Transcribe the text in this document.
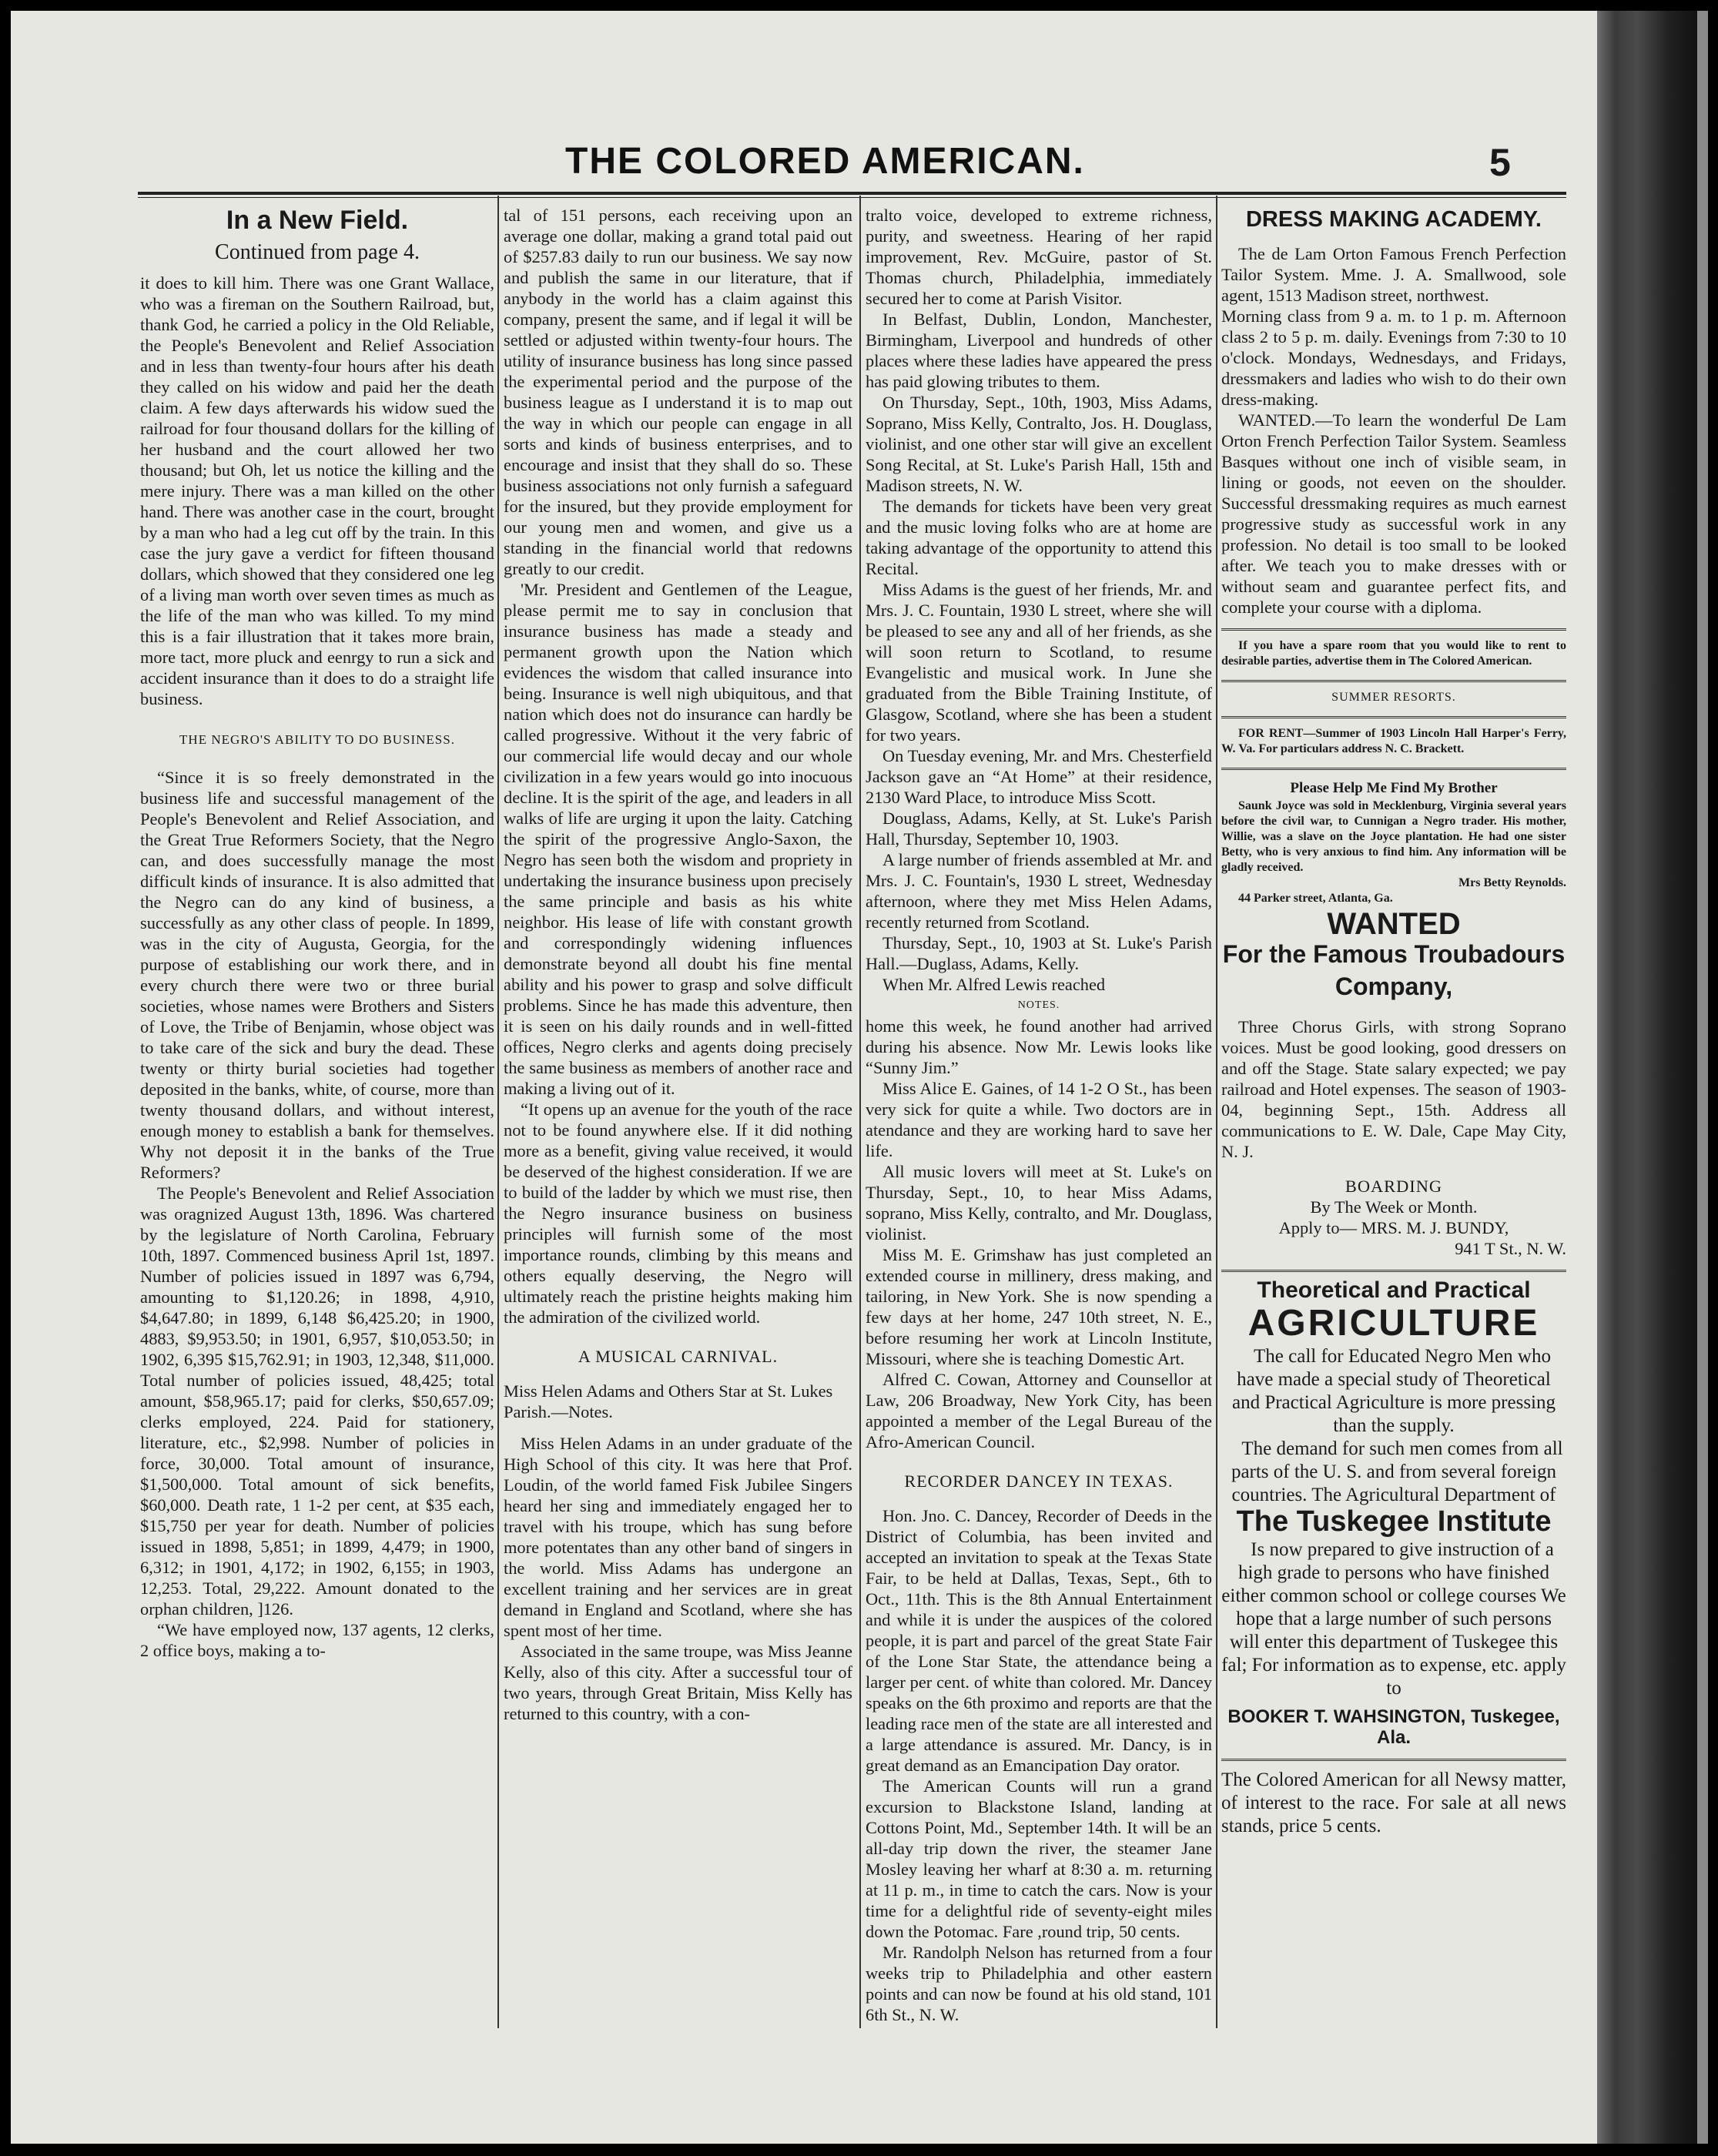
THE COLORED AMERICAN.	5
In a New Field.
Continued from page 4.

it does to kill him. There was one Grant Wallace, who was a fireman on the Southern Railroad, but, thank God, he carried a policy in the Old Reliable, the People's Benevolent and Relief Association and in less than twenty-four hours after his death they called on his widow and paid her the death claim. A few days afterwards his widow sued the railroad for four thousand dollars for the killing of her husband and the court allowed her two thousand; but Oh, let us notice the killing and the mere injury. There was a man killed on the other hand. There was another case in the court, brought by a man who had a leg cut off by the train. In this case the jury gave a verdict for fifteen thousand dollars, which showed that they considered one leg of a living man worth over seven times as much as the life of the man who was killed. To my mind this is a fair illustration that it takes more brain, more tact, more pluck and eenrgy to run a sick and accident insurance than it does to do a straight life business.

THE NEGRO'S ABILITY TO DO BUSINESS.

“Since it is so freely demonstrated in the business life and successful management of the People's Benevolent and Relief Association, and the Great True Reformers Society, that the Negro can, and does successfully manage the most difficult kinds of insurance. It is also admitted that the Negro can do any kind of business, a successfully as any other class of people. In 1899, was in the city of Augusta, Georgia, for the purpose of establishing our work there, and in every church there were two or three burial societies, whose names were Brothers and Sisters of Love, the Tribe of Benjamin, whose object was to take care of the sick and bury the dead. These twenty or thirty burial societies had together deposited in the banks, white, of course, more than twenty thousand dollars, and without interest, enough money to establish a bank for themselves. Why not deposit it in the banks of the True Reformers?

The People's Benevolent and Relief Association was oragnized August 13th, 1896. Was chartered by the legislature of North Carolina, February 10th, 1897. Commenced business April 1st, 1897. Number of policies issued in 1897 was 6,794, amounting to $1,120.26; in 1898, 4,910, $4,647.80; in 1899, 6,148 $6,425.20; in 1900, 4883, $9,953.50; in 1901, 6,957, $10,053.50; in 1902, 6,395 $15,762.91; in 1903, 12,348, $11,000. Total number of policies issued, 48,425; total amount, $58,965.17; paid for clerks, $50,657.09; clerks employed, 224. Paid for stationery, literature, etc., $2,998. Number of policies in force, 30,000. Total amount of insurance, $1,500,000. Total amount of sick benefits, $60,000. Death rate, 1 1-2 per cent, at $35 each, $15,750 per year for death. Number of policies issued in 1898, 5,851; in 1899, 4,479; in 1900, 6,312; in 1901, 4,172; in 1902, 6,155; in 1903, 12,253. Total, 29,222. Amount donated to the orphan children, ]126.

“We have employed now, 137 agents, 12 clerks, 2 office boys, making a to-

tal of 151 persons, each receiving upon an average one dollar, making a grand total paid out of $257.83 daily to run our business. We say now and publish the same in our literature, that if anybody in the world has a claim against this company, present the same, and if legal it will be settled or adjusted within twenty-four hours. The utility of insurance business has long since passed the experimental period and the purpose of the business league as I understand it is to map out the way in which our people can engage in all sorts and kinds of business enterprises, and to encourage and insist that they shall do so. These business associations not only furnish a safeguard for the insured, but they provide employment for our young men and women, and give us a standing in the financial world that redowns greatly to our credit.

'Mr. President and Gentlemen of the League, please permit me to say in conclusion that insurance business has made a steady and permanent growth upon the Nation which evidences the wisdom that called insurance into being. Insurance is well nigh ubiquitous, and that nation which does not do insurance can hardly be called progressive. Without it the very fabric of our commercial life would decay and our whole civilization in a few years would go into inocuous decline. It is the spirit of the age, and leaders in all walks of life are urging it upon the laity. Catching the spirit of the progressive Anglo-Saxon, the Negro has seen both the wisdom and propriety in undertaking the insurance business upon precisely the same principle and basis as his white neighbor. His lease of life with constant growth and correspondingly widening influences demonstrate beyond all doubt his fine mental ability and his power to grasp and solve difficult problems. Since he has made this adventure, then it is seen on his daily rounds and in well-fitted offices, Negro clerks and agents doing precisely the same business as members of another race and making a living out of it.

“It opens up an avenue for the youth of the race not to be found anywhere else. If it did nothing more as a benefit, giving value received, it would be deserved of the highest consideration. If we are to build of the ladder by which we must rise, then the Negro insurance business on business principles will furnish some of the most importance rounds, climbing by this means and others equally deserving, the Negro will ultimately reach the pristine heights making him the admiration of the civilized world.

A MUSICAL CARNIVAL.

Miss Helen Adams and Others Star at St. Lukes Parish.—Notes.

Miss Helen Adams in an under graduate of the High School of this city. It was here that Prof. Loudin, of the world famed Fisk Jubilee Singers heard her sing and immediately engaged her to travel with his troupe, which has sung before more potentates than any other band of singers in the world. Miss Adams has undergone an excellent training and her services are in great demand in England and Scotland, where she has spent most of her time.

Associated in the same troupe, was Miss Jeanne Kelly, also of this city. After a successful tour of two years, through Great Britain, Miss Kelly has returned to this country, with a con-

tralto voice, developed to extreme richness, purity, and sweetness. Hearing of her rapid improvement, Rev. McGuire, pastor of St. Thomas church, Philadelphia, immediately secured her to come at Parish Visitor.

In Belfast, Dublin, London, Manchester, Birmingham, Liverpool and hundreds of other places where these ladies have appeared the press has paid glowing tributes to them.

On Thursday, Sept., 10th, 1903, Miss Adams, Soprano, Miss Kelly, Contralto, Jos. H. Douglass, violinist, and one other star will give an excellent Song Recital, at St. Luke's Parish Hall, 15th and Madison streets, N. W.

The demands for tickets have been very great and the music loving folks who are at home are taking advantage of the opportunity to attend this Recital.

Miss Adams is the guest of her friends, Mr. and Mrs. J. C. Fountain, 1930 L street, where she will be pleased to see any and all of her friends, as she will soon return to Scotland, to resume Evangelistic and musical work. In June she graduated from the Bible Training Institute, of Glasgow, Scotland, where she has been a student for two years.

On Tuesday evening, Mr. and Mrs. Chesterfield Jackson gave an “At Home” at their residence, 2130 Ward Place, to introduce Miss Scott.

Douglass, Adams, Kelly, at St. Luke's Parish Hall, Thursday, September 10, 1903.

A large number of friends assembled at Mr. and Mrs. J. C. Fountain's, 1930 L street, Wednesday afternoon, where they met Miss Helen Adams, recently returned from Scotland.

Thursday, Sept., 10, 1903 at St. Luke's Parish Hall.—Duglass, Adams, Kelly.

When Mr. Alfred Lewis reached

NOTES.

home this week, he found another had arrived during his absence. Now Mr. Lewis looks like “Sunny Jim.”

Miss Alice E. Gaines, of 14 1-2 O St., has been very sick for quite a while. Two doctors are in atendance and they are working hard to save her life.

All music lovers will meet at St. Luke's on Thursday, Sept., 10, to hear Miss Adams, soprano, Miss Kelly, contralto, and Mr. Douglass, violinist.

Miss M. E. Grimshaw has just completed an extended course in millinery, dress making, and tailoring, in New York. She is now spending a few days at her home, 247 10th street, N. E., before resuming her work at Lincoln Institute, Missouri, where she is teaching Domestic Art.

Alfred C. Cowan, Attorney and Counsellor at Law, 206 Broadway, New York City, has been appointed a member of the Legal Bureau of the Afro-American Council.

RECORDER DANCEY IN TEXAS.

Hon. Jno. C. Dancey, Recorder of Deeds in the District of Columbia, has been invited and accepted an invitation to speak at the Texas State Fair, to be held at Dallas, Texas, Sept., 6th to Oct., 11th. This is the 8th Annual Entertainment and while it is under the auspices of the colored people, it is part and parcel of the great State Fair of the Lone Star State, the attendance being a larger per cent. of white than colored. Mr. Dancey speaks on the 6th proximo and reports are that the leading race men of the state are all interested and a large attendance is assured. Mr. Dancy, is in great demand as an Emancipation Day orator.

The American Counts will run a grand excursion to Blackstone Island, landing at Cottons Point, Md., September 14th. It will be an all-day trip down the river, the steamer Jane Mosley leaving her wharf at 8:30 a. m. returning at 11 p. m., in time to catch the cars. Now is your time for a delightful ride of seventy-eight miles down the Potomac. Fare ,round trip, 50 cents.

Mr. Randolph Nelson has returned from a four weeks trip to Philadelphia and other eastern points and can now be found at his old stand, 101 6th St., N. W.

DRESS MAKING ACADEMY.

The de Lam Orton Famous French Perfection Tailor System. Mme. J. A. Smallwood, sole agent, 1513 Madison street, northwest.

Morning class from 9 a. m. to 1 p. m. Afternoon class 2 to 5 p. m. daily. Evenings from 7:30 to 10 o'clock. Mondays, Wednesdays, and Fridays, dressmakers and ladies who wish to do their own dress-making.

WANTED.—To learn the wonderful De Lam Orton French Perfection Tailor System. Seamless Basques without one inch of visible seam, in lining or goods, not eeven on the shoulder. Successful dressmaking requires as much earnest progressive study as successful work in any profession. No detail is too small to be looked after. We teach you to make dresses with or without seam and guarantee perfect fits, and complete your course with a diploma.

If you have a spare room that you would like to rent to desirable parties, advertise them in The Colored American.

SUMMER RESORTS.

FOR RENT—Summer of 1903 Lincoln Hall Harper's Ferry, W. Va. For particulars address N. C. Brackett.

Please Help Me Find My Brother

Saunk Joyce was sold in Mecklenburg, Virginia several years before the civil war, to Cunnigan a Negro trader. His mother, Willie, was a slave on the Joyce plantation. He had one sister Betty, who is very anxious to find him. Any information will be gladly received.

Mrs Betty Reynolds.

44 Parker street, Atlanta, Ga.

WANTED
For the Famous Troubadours Company,

Three Chorus Girls, with strong Soprano voices. Must be good looking, good dressers on and off the Stage. State salary expected; we pay railroad and Hotel expenses. The season of 1903-04, beginning Sept., 15th. Address all communications to E. W. Dale, Cape May City, N. J.

BOARDING

By The Week or Month.

Apply to— MRS. M. J. BUNDY,

941 T St., N. W.

Theoretical and Practical
AGRICULTURE

The call for Educated Negro Men who have made a special study of Theoretical and Practical Agriculture is more pressing than the supply.

The demand for such men comes from all parts of the U. S. and from several foreign countries. The Agricultural Department of

The Tuskegee Institute

Is now prepared to give instruction of a high grade to persons who have finished either common school or college courses We hope that a large number of such persons will enter this department of Tuskegee this fal; For information as to expense, etc. apply to

BOOKER T. WAHSINGTON, Tuskegee, Ala.

The Colored American for all Newsy matter, of interest to the race. For sale at all news stands, price 5 cents.
